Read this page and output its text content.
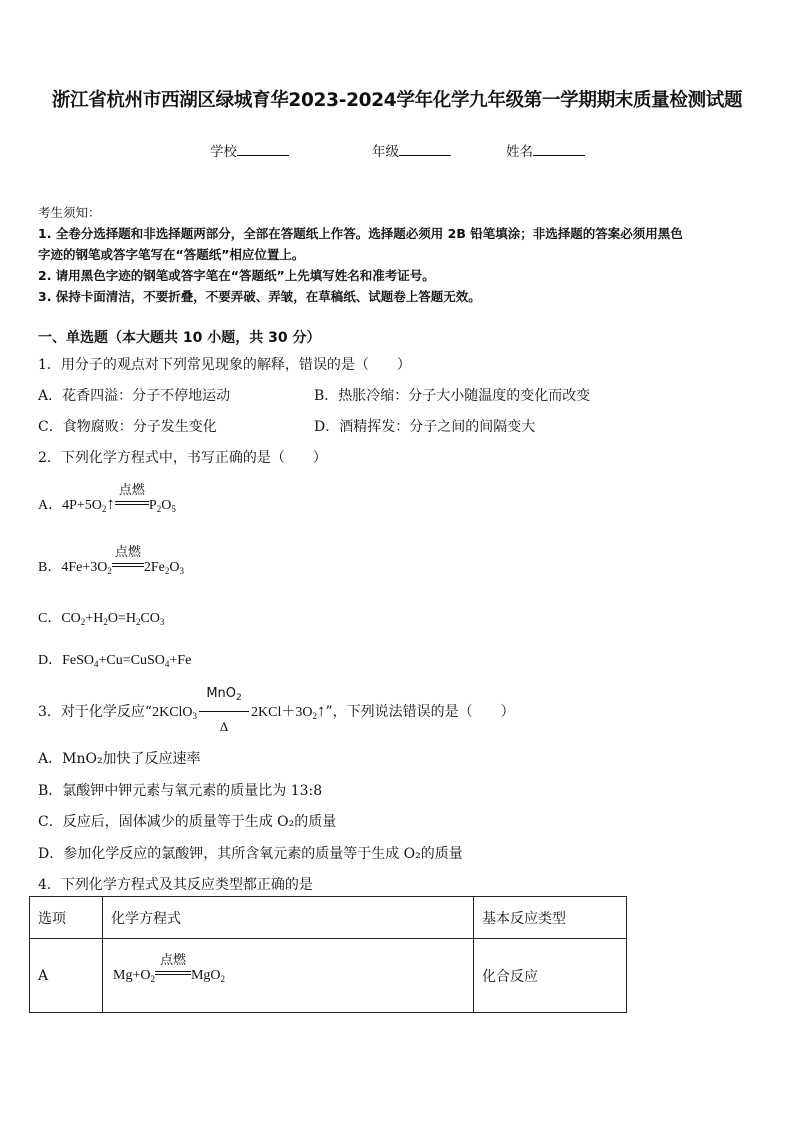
浙江省杭州市西湖区绿城育华2023-2024学年化学九年级第一学期期末质量检测试题
学校	年级	姓名
考生须知：
1. 全卷分选择题和非选择题两部分，全部在答题纸上作答。选择题必须用 2B 铅笔填涂；非选择题的答案必须用黑色
字迹的钢笔或答字笔写在“答题纸”相应位置上。
2. 请用黑色字迹的钢笔或答字笔在“答题纸”上先填写姓名和准考证号。
3. 保持卡面清洁，不要折叠，不要弄破、弄皱，在草稿纸、试题卷上答题无效。
一、单选题（本大题共 10 小题，共 30 分）
1．用分子的观点对下列常见现象的解释，错误的是（　　）
A．花香四溢：分子不停地运动	B．热胀冷缩：分子大小随温度的变化而改变
C．食物腐败：分子发生变化	D．酒精挥发：分子之间的间隔变大
2．下列化学方程式中，书写正确的是（　　）
A．$4P+5O_2↑$
点燃
$P_2O_5$
B．$4Fe+3O_2$
点燃
$2Fe_2O_3$
C．$CO_2+H_2O=H_2CO_3$
D．FeSO$_4$+Cu=CuSO$_4$+Fe
3．对于化学反应“2KClO$_3$
MnO$_2$
Δ
$2KCl+3O_2↑$”，下列说法错误的是（　　）
A．MnO₂加快了反应速率
B．氯酸钾中钾元素与氧元素的质量比为 13:8
C．反应后，固体减少的质量等于生成 O₂的质量
D．参加化学反应的氯酸钾，其所含氧元素的质量等于生成 O₂的质量
4．下列化学方程式及其反应类型都正确的是
选项	化学方程式	基本反应类型
A	$Mg+O_2$
点燃
MgO$_2$	化合反应
